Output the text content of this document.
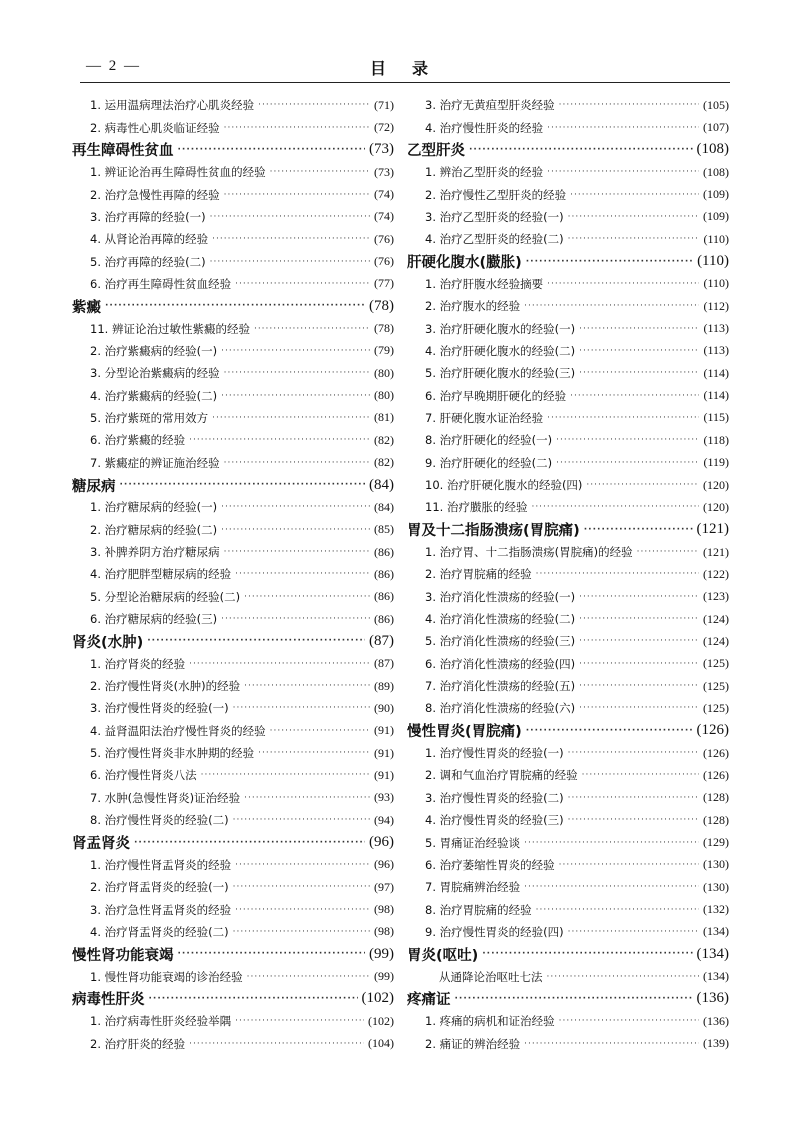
— 2 —	目录
1. 运用温病理法治疗心肌炎经验 ·····	(71)
2. 病毒性心肌炎临证经验 ·····	(72)
再生障碍性贫血 ·····	(73)
1. 辨证论治再生障碍性贫血的经验 ·····	(73)
2. 治疗急慢性再障的经验 ·····	(74)
3. 治疗再障的经验(一) ·····	(74)
4. 从肾论治再障的经验 ·····	(76)
5. 治疗再障的经验(二) ·····	(76)
6. 治疗再生障碍性贫血经验 ·····	(77)
紫癜 ·····	(78)
11. 辨证论治过敏性紫癜的经验 ·····	(78)
2. 治疗紫癜病的经验(一) ·····	(79)
3. 分型论治紫癜病的经验 ·····	(80)
4. 治疗紫癜病的经验(二) ·····	(80)
5. 治疗紫斑的常用效方 ·····	(81)
6. 治疗紫癜的经验 ·····	(82)
7. 紫癜症的辨证施治经验 ·····	(82)
糖尿病 ·····	(84)
1. 治疗糖尿病的经验(一) ·····	(84)
2. 治疗糖尿病的经验(二) ·····	(85)
3. 补脾养阴方治疗糖尿病 ·····	(86)
4. 治疗肥胖型糖尿病的经验 ·····	(86)
5. 分型论治糖尿病的经验(二) ·····	(86)
6. 治疗糖尿病的经验(三) ·····	(86)
肾炎(水肿) ·····	(87)
1. 治疗肾炎的经验 ·····	(87)
2. 治疗慢性肾炎(水肿)的经验 ·····	(89)
3. 治疗慢性肾炎的经验(一) ·····	(90)
4. 益肾温阳法治疗慢性肾炎的经验 ·····	(91)
5. 治疗慢性肾炎非水肿期的经验 ·····	(91)
6. 治疗慢性肾炎八法 ·····	(91)
7. 水肿(急慢性肾炎)证治经验 ·····	(93)
8. 治疗慢性肾炎的经验(二) ·····	(94)
肾盂肾炎 ·····	(96)
1. 治疗慢性肾盂肾炎的经验 ·····	(96)
2. 治疗肾盂肾炎的经验(一) ·····	(97)
3. 治疗急性肾盂肾炎的经验 ·····	(98)
4. 治疗肾盂肾炎的经验(二) ·····	(98)
慢性肾功能衰竭 ·····	(99)
1. 慢性肾功能衰竭的诊治经验 ·····	(99)
病毒性肝炎 ·····	(102)
1. 治疗病毒性肝炎经验举隅 ·····	(102)
2. 治疗肝炎的经验 ·····	(104)
3. 治疗无黄疸型肝炎经验 ·····	(105)
4. 治疗慢性肝炎的经验 ·····	(107)
乙型肝炎 ·····	(108)
1. 辨治乙型肝炎的经验 ·····	(108)
2. 治疗慢性乙型肝炎的经验 ·····	(109)
3. 治疗乙型肝炎的经验(一) ·····	(109)
4. 治疗乙型肝炎的经验(二) ·····	(110)
肝硬化腹水(臌胀) ·····	(110)
1. 治疗肝腹水经验摘要 ·····	(110)
2. 治疗腹水的经验 ·····	(112)
3. 治疗肝硬化腹水的经验(一) ·····	(113)
4. 治疗肝硬化腹水的经验(二) ·····	(113)
5. 治疗肝硬化腹水的经验(三) ·····	(114)
6. 治疗早晚期肝硬化的经验 ·····	(114)
7. 肝硬化腹水证治经验 ·····	(115)
8. 治疗肝硬化的经验(一) ·····	(118)
9. 治疗肝硬化的经验(二) ·····	(119)
10. 治疗肝硬化腹水的经验(四) ·····	(120)
11. 治疗臌胀的经验 ·····	(120)
胃及十二指肠溃疡(胃脘痛) ·····	(121)
1. 治疗胃、十二指肠溃疡(胃脘痛)的经验 ·····	(121)
2. 治疗胃脘痛的经验 ·····	(122)
3. 治疗消化性溃疡的经验(一) ·····	(123)
4. 治疗消化性溃疡的经验(二) ·····	(124)
5. 治疗消化性溃疡的经验(三) ·····	(124)
6. 治疗消化性溃疡的经验(四) ·····	(125)
7. 治疗消化性溃疡的经验(五) ·····	(125)
8. 治疗消化性溃疡的经验(六) ·····	(125)
慢性胃炎(胃脘痛) ·····	(126)
1. 治疗慢性胃炎的经验(一) ·····	(126)
2. 调和气血治疗胃脘痛的经验 ·····	(126)
3. 治疗慢性胃炎的经验(二) ·····	(128)
4. 治疗慢性胃炎的经验(三) ·····	(128)
5. 胃痛证治经验谈 ·····	(129)
6. 治疗萎缩性胃炎的经验 ·····	(130)
7. 胃脘痛辨治经验 ·····	(130)
8. 治疗胃脘痛的经验 ·····	(132)
9. 治疗慢性胃炎的经验(四) ·····	(134)
胃炎(呕吐) ·····	(134)
从通降论治呕吐七法 ·····	(134)
疼痛证 ·····	(136)
1. 疼痛的病机和证治经验 ·····	(136)
2. 痛证的辨治经验 ·····	(139)
